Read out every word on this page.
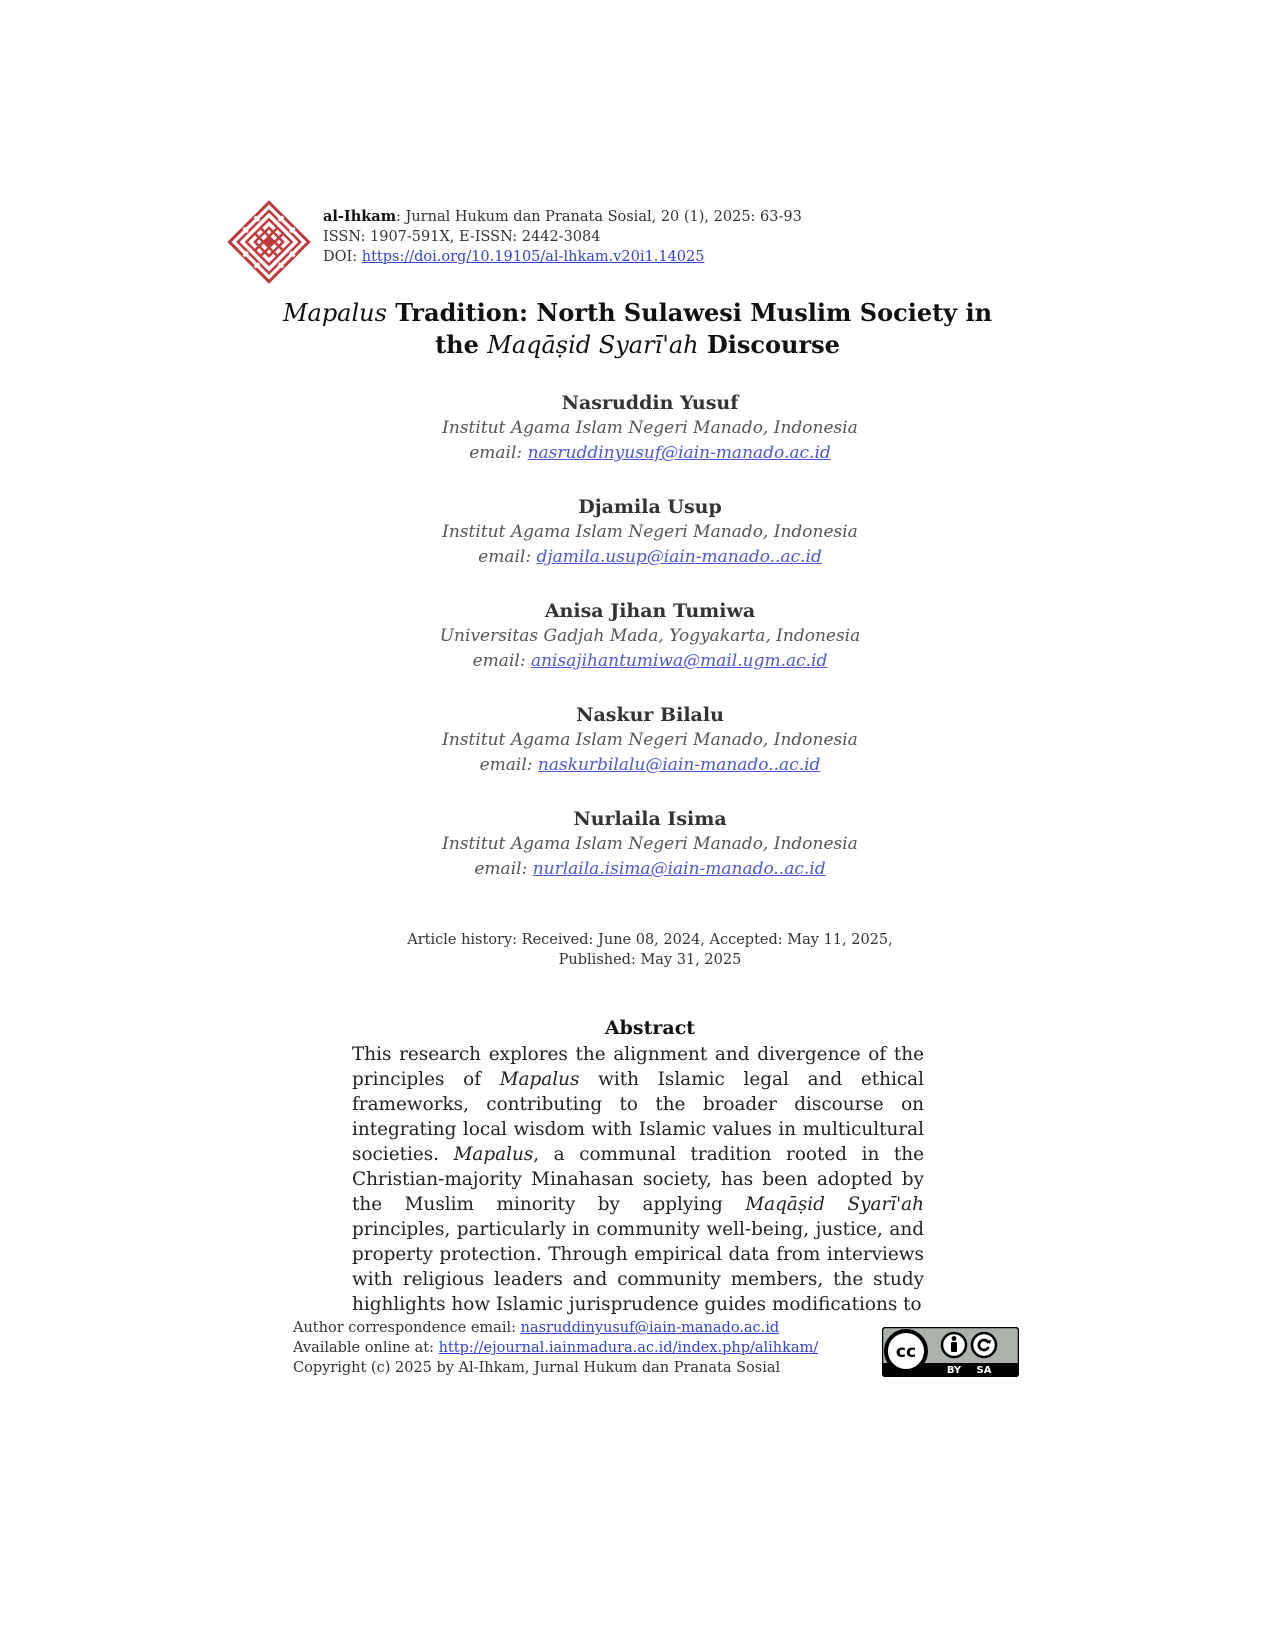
al-Ihkam: Jurnal Hukum dan Pranata Sosial, 20 (1), 2025: 63-93
ISSN: 1907-591X, E-ISSN: 2442-3084
DOI: https://doi.org/10.19105/al-lhkam.v20i1.14025
Mapalus Tradition: North Sulawesi Muslim Society in
the Maqāṣid Syarī'ah Discourse
Nasruddin Yusuf
Institut Agama Islam Negeri Manado, Indonesia
email: nasruddinyusuf@iain-manado.ac.id
Djamila Usup
Institut Agama Islam Negeri Manado, Indonesia
email: djamila.usup@iain-manado..ac.id
Anisa Jihan Tumiwa
Universitas Gadjah Mada, Yogyakarta, Indonesia
email: anisajihantumiwa@mail.ugm.ac.id
Naskur Bilalu
Institut Agama Islam Negeri Manado, Indonesia
email: naskurbilalu@iain-manado..ac.id
Nurlaila Isima
Institut Agama Islam Negeri Manado, Indonesia
email: nurlaila.isima@iain-manado..ac.id
Article history: Received: June 08, 2024, Accepted: May 11, 2025,
Published: May 31, 2025
Abstract
This research explores the alignment and divergence of the principles of Mapalus with Islamic legal and ethical frameworks, contributing to the broader discourse on integrating local wisdom with Islamic values in multicultural societies. Mapalus, a communal tradition rooted in the Christian-majority Minahasan society, has been adopted by the Muslim minority by applying Maqāṣid Syarī'ah principles, particularly in community well-being, justice, and property protection. Through empirical data from interviews with religious leaders and community members, the study highlights how Islamic jurisprudence guides modifications to
Author correspondence email: nasruddinyusuf@iain-manado.ac.id
Available online at: http://ejournal.iainmadura.ac.id/index.php/alihkam/
Copyright (c) 2025 by Al-Ihkam, Jurnal Hukum dan Pranata Sosial
cc
BY SA
